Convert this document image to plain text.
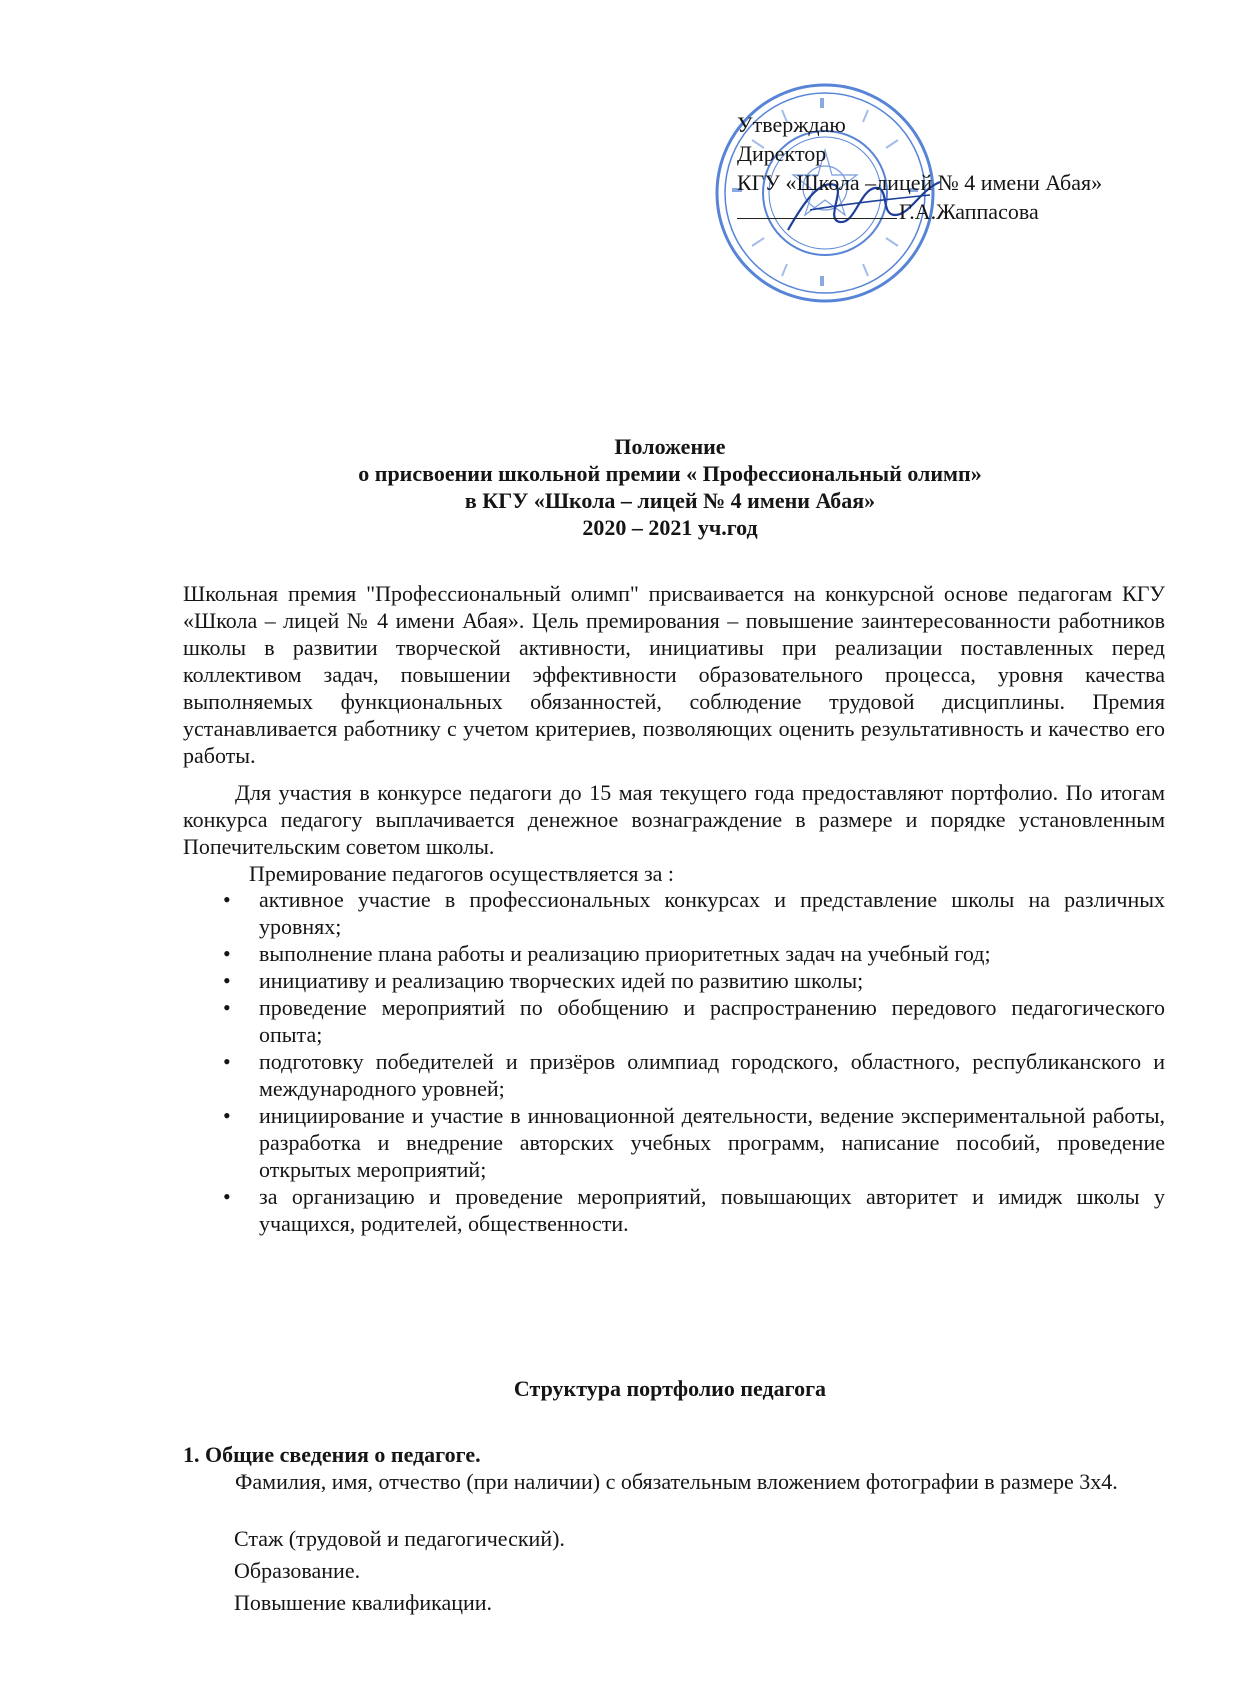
Утверждаю
Директор
КГУ «Школа –лицей № 4 имени Абая»
Г.А.Жаппасова
Положение
о присвоении школьной премии « Профессиональный олимп»
в КГУ «Школа – лицей № 4 имени Абая»
2020 – 2021 уч.год
Школьная премия "Профессиональный олимп" присваивается на конкурсной основе педагогам КГУ «Школа – лицей № 4 имени Абая». Цель премирования – повышение заинтересованности работников школы в развитии творческой активности, инициативы при реализации поставленных перед коллективом задач, повышении эффективности образовательного процесса, уровня качества выполняемых функциональных обязанностей, соблюдение трудовой дисциплины. Премия устанавливается работнику с учетом критериев, позволяющих оценить результативность и качество его работы.
Для участия в конкурсе педагоги до 15 мая текущего года предоставляют портфолио. По итогам конкурса педагогу выплачивается денежное вознаграждение в размере и порядке установленным Попечительским советом школы.
Премирование педагогов осуществляется за :
• активное участие в профессиональных конкурсах и представление школы на различных уровнях;
• выполнение плана работы и реализацию приоритетных задач на учебный год;
• инициативу и реализацию творческих идей по развитию школы;
• проведение мероприятий по обобщению и распространению передового педагогического опыта;
• подготовку победителей и призёров олимпиад городского, областного, республиканского и международного уровней;
• инициирование и участие в инновационной деятельности, ведение экспериментальной работы, разработка и внедрение авторских учебных программ, написание пособий, проведение открытых мероприятий;
• за организацию и проведение мероприятий, повышающих авторитет и имидж школы у учащихся, родителей, общественности.
Структура портфолио педагога
1. Общие сведения о педагоге.
Фамилия, имя, отчество (при наличии) с обязательным вложением фотографии в размере 3х4.
Стаж (трудовой и педагогический).
Образование.
Повышение квалификации.
